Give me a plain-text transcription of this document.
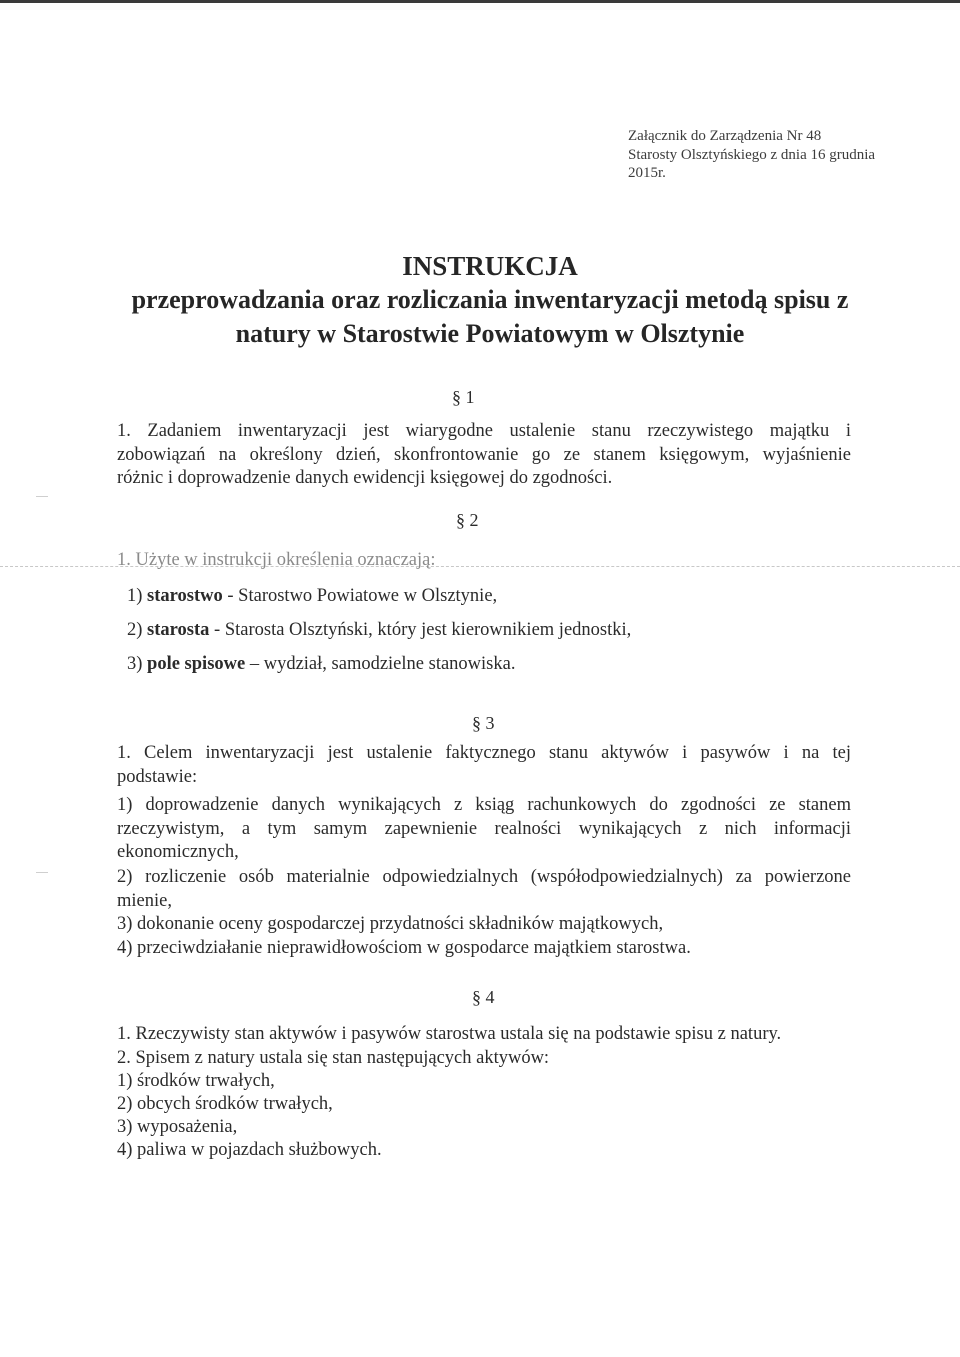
Załącznik do Zarządzenia Nr 48
Starosty Olsztyńskiego z dnia 16 grudnia
2015r.
INSTRUKCJA
przeprowadzania oraz rozliczania inwentaryzacji metodą spisu z
natury w Starostwie Powiatowym w Olsztynie
§ 1
1. Zadaniem inwentaryzacji jest wiarygodne ustalenie stanu rzeczywistego majątku i
zobowiązań na określony dzień, skonfrontowanie go ze stanem księgowym, wyjaśnienie
różnic i doprowadzenie danych ewidencji księgowej do zgodności.
§ 2
1. Użyte w instrukcji określenia oznaczają:
1) starostwo - Starostwo Powiatowe w Olsztynie,
2) starosta - Starosta Olsztyński, który jest kierownikiem jednostki,
3) pole spisowe – wydział, samodzielne stanowiska.
§ 3
1. Celem inwentaryzacji jest ustalenie faktycznego stanu aktywów i pasywów i na tej
podstawie:
1) doprowadzenie danych wynikających z ksiąg rachunkowych do zgodności ze stanem
rzeczywistym, a tym samym zapewnienie realności wynikających z nich informacji
ekonomicznych,
2) rozliczenie osób materialnie odpowiedzialnych (współodpowiedzialnych) za powierzone
mienie,
3) dokonanie oceny gospodarczej przydatności składników majątkowych,
4) przeciwdziałanie nieprawidłowościom w gospodarce majątkiem starostwa.
§ 4
1. Rzeczywisty stan aktywów i pasywów starostwa ustala się na podstawie spisu z natury.
2. Spisem z natury ustala się stan następujących aktywów:
1) środków trwałych,
2) obcych środków trwałych,
3) wyposażenia,
4) paliwa w pojazdach służbowych.
